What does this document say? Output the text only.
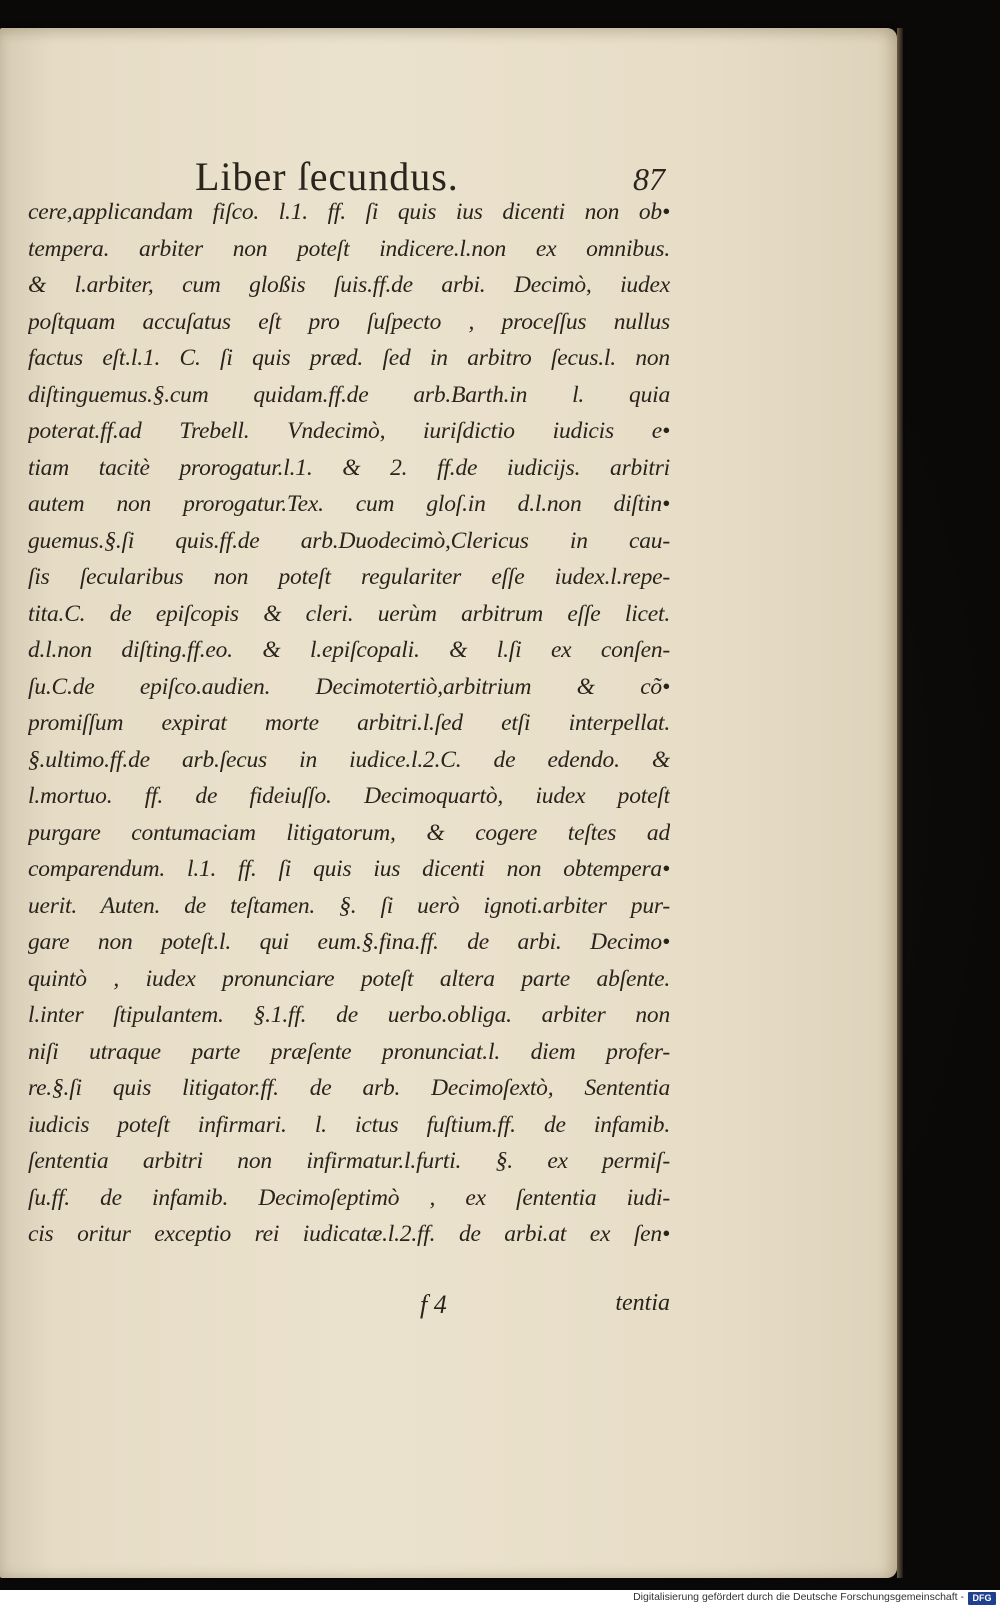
Liber ſecundus.	87
cere,applicandam fiſco. l.1. ff. ſi quis ius dicenti non ob•
tempera. arbiter non poteſt indicere.l.non ex omnibus.
& l.arbiter, cum gloßis ſuis.ff.de arbi. Decimò, iudex
poſtquam accuſatus eſt pro ſuſpecto , proceſſus nullus
factus eſt.l.1. C. ſi quis præd. ſed in arbitro ſecus.l. non
diſtinguemus.§.cum quidam.ff.de arb.Barth.in l. quia
poterat.ff.ad Trebell. Vndecimò, iuriſdictio iudicis e•
tiam tacitè prorogatur.l.1. & 2. ff.de iudicijs. arbitri
autem non prorogatur.Tex. cum gloſ.in d.l.non diſtin•
guemus.§.ſi quis.ff.de arb.Duodecimò,Clericus in cau-
ſis ſecularibus non poteſt regulariter eſſe iudex.l.repe-
tita.C. de epiſcopis & cleri. uerùm arbitrum eſſe licet.
d.l.non diſting.ff.eo. & l.epiſcopali. & l.ſi ex conſen-
ſu.C.de epiſco.audien. Decimotertiò,arbitrium & cõ•
promiſſum expirat morte arbitri.l.ſed etſi interpellat.
§.ultimo.ff.de arb.ſecus in iudice.l.2.C. de edendo. &
l.mortuo. ff. de fideiuſſo. Decimoquartò, iudex poteſt
purgare contumaciam litigatorum, & cogere teſtes ad
comparendum. l.1. ff. ſi quis ius dicenti non obtempera•
uerit. Auten. de teſtamen. §. ſi uerò ignoti.arbiter pur-
gare non poteſt.l. qui eum.§.fina.ff. de arbi. Decimo•
quintò , iudex pronunciare poteſt altera parte abſente.
l.inter ſtipulantem. §.1.ff. de uerbo.obliga. arbiter non
niſi utraque parte præſente pronunciat.l. diem profer-
re.§.ſi quis litigator.ff. de arb. Decimoſextò, Sententia
iudicis poteſt infirmari. l. ictus fuſtium.ff. de infamib.
ſententia arbitri non infirmatur.l.furti. §. ex permiſ-
ſu.ff. de infamib. Decimoſeptimò , ex ſententia iudi-
cis oritur exceptio rei iudicatæ.l.2.ff. de arbi.at ex ſen•
f 4	tentia
Digitalisierung gefördert durch die Deutsche Forschungsgemeinschaft - DFG
